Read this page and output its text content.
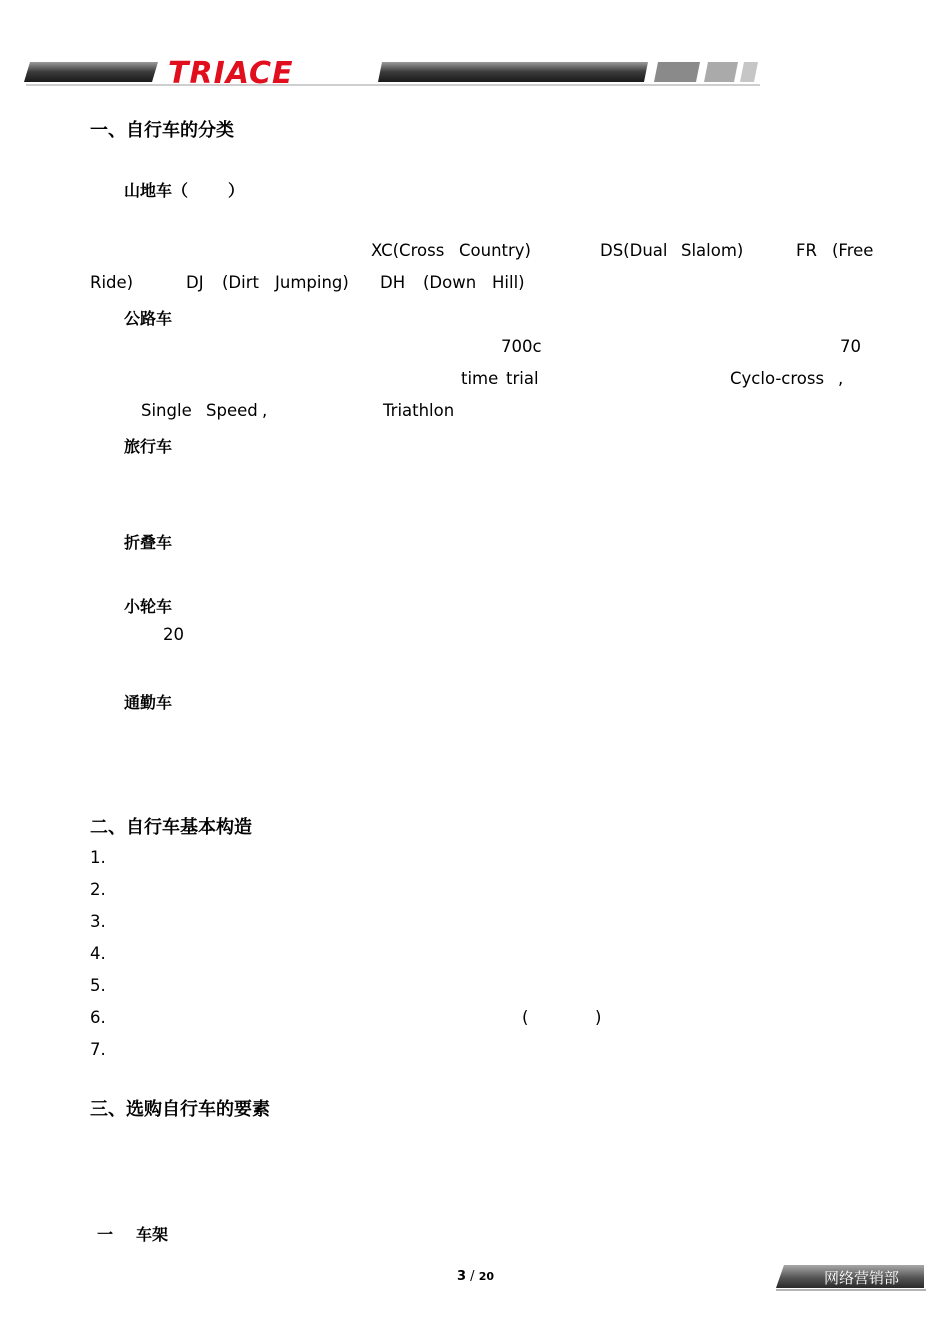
TRIACE
一、自行车的分类
山地车（	）
XC(Cross Country)	DS(Dual Slalom)	FR (Free
Ride)	DJ (Dirt Jumping) DH (Down Hill)
公路车
700c	70
time trial	Cyclo-cross ,
Single Speed ,	Triathlon
旅行车
折叠车
小轮车
20
通勤车
二、自行车基本构造
1.
2.
3.
4.
5.
6.	(	)
7.
三、选购自行车的要素
一 车架
3 / 20	网络营销部
